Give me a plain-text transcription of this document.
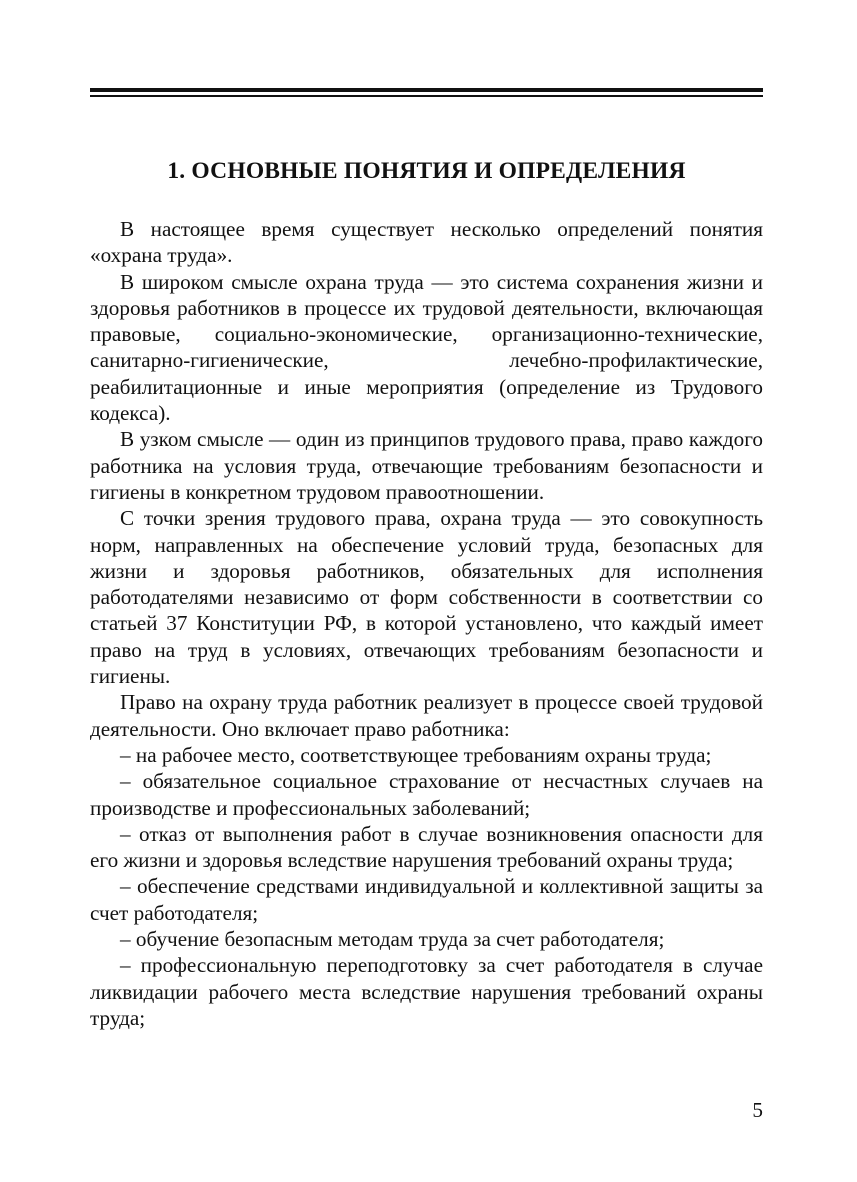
1. ОСНОВНЫЕ ПОНЯТИЯ И ОПРЕДЕЛЕНИЯ

В настоящее время существует несколько определений понятия «охрана труда».

В широком смысле охрана труда — это система сохранения жизни и здоровья работников в процессе их трудовой деятельности, включающая правовые, социально-экономические, организационно-технические, санитарно-гигиенические, лечебно-профилактические, реабилитационные и иные мероприятия (определение из Трудового кодекса).

В узком смысле — один из принципов трудового права, право каждого работника на условия труда, отвечающие требованиям безопасности и гигиены в конкретном трудовом правоотношении.

С точки зрения трудового права, охрана труда — это совокупность норм, направленных на обеспечение условий труда, безопасных для жизни и здоровья работников, обязательных для исполнения работодателями независимо от форм собственности в соответствии со статьей 37 Конституции РФ, в которой установлено, что каждый имеет право на труд в условиях, отвечающих требованиям безопасности и гигиены.

Право на охрану труда работник реализует в процессе своей трудовой деятельности. Оно включает право работника:

– на рабочее место, соответствующее требованиям охраны труда;

– обязательное социальное страхование от несчастных случаев на производстве и профессиональных заболеваний;

– отказ от выполнения работ в случае возникновения опасности для его жизни и здоровья вследствие нарушения требований охраны труда;

– обеспечение средствами индивидуальной и коллективной защиты за счет работодателя;

– обучение безопасным методам труда за счет работодателя;

– профессиональную переподготовку за счет работодателя в случае ликвидации рабочего места вследствие нарушения требований охраны труда;

5
